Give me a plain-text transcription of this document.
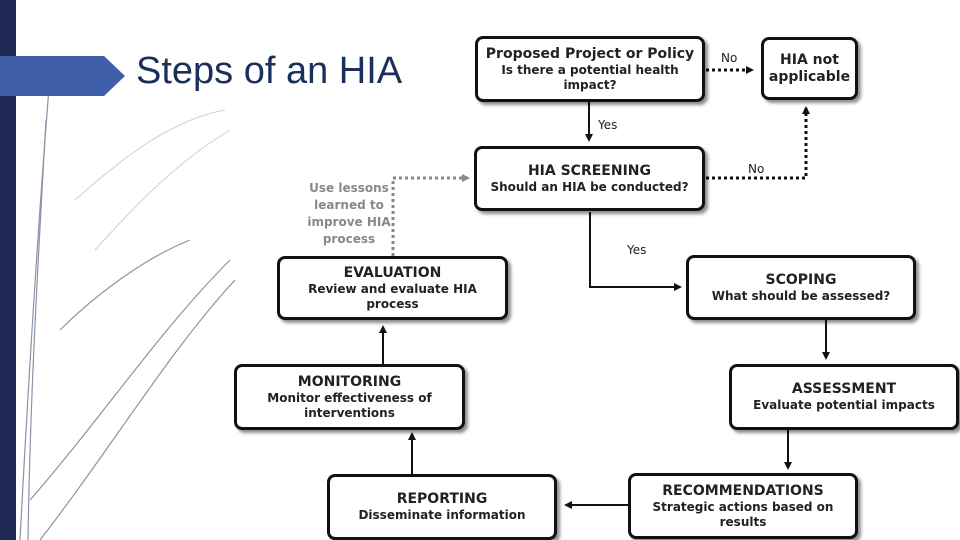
Steps of an HIA	Proposed Project or Policy
Is there a potential health impact?
HIA not applicable
HIA SCREENING
Should an HIA be conducted?
SCOPING
What should be assessed?
ASSESSMENT
Evaluate potential impacts
RECOMMENDATIONS
Strategic actions based on results
REPORTING
Disseminate information
MONITORING
Monitor effectiveness of interventions
EVALUATION
Review and evaluate HIA process
No
No
Yes
Yes
Use lessons learned to improve HIA process
